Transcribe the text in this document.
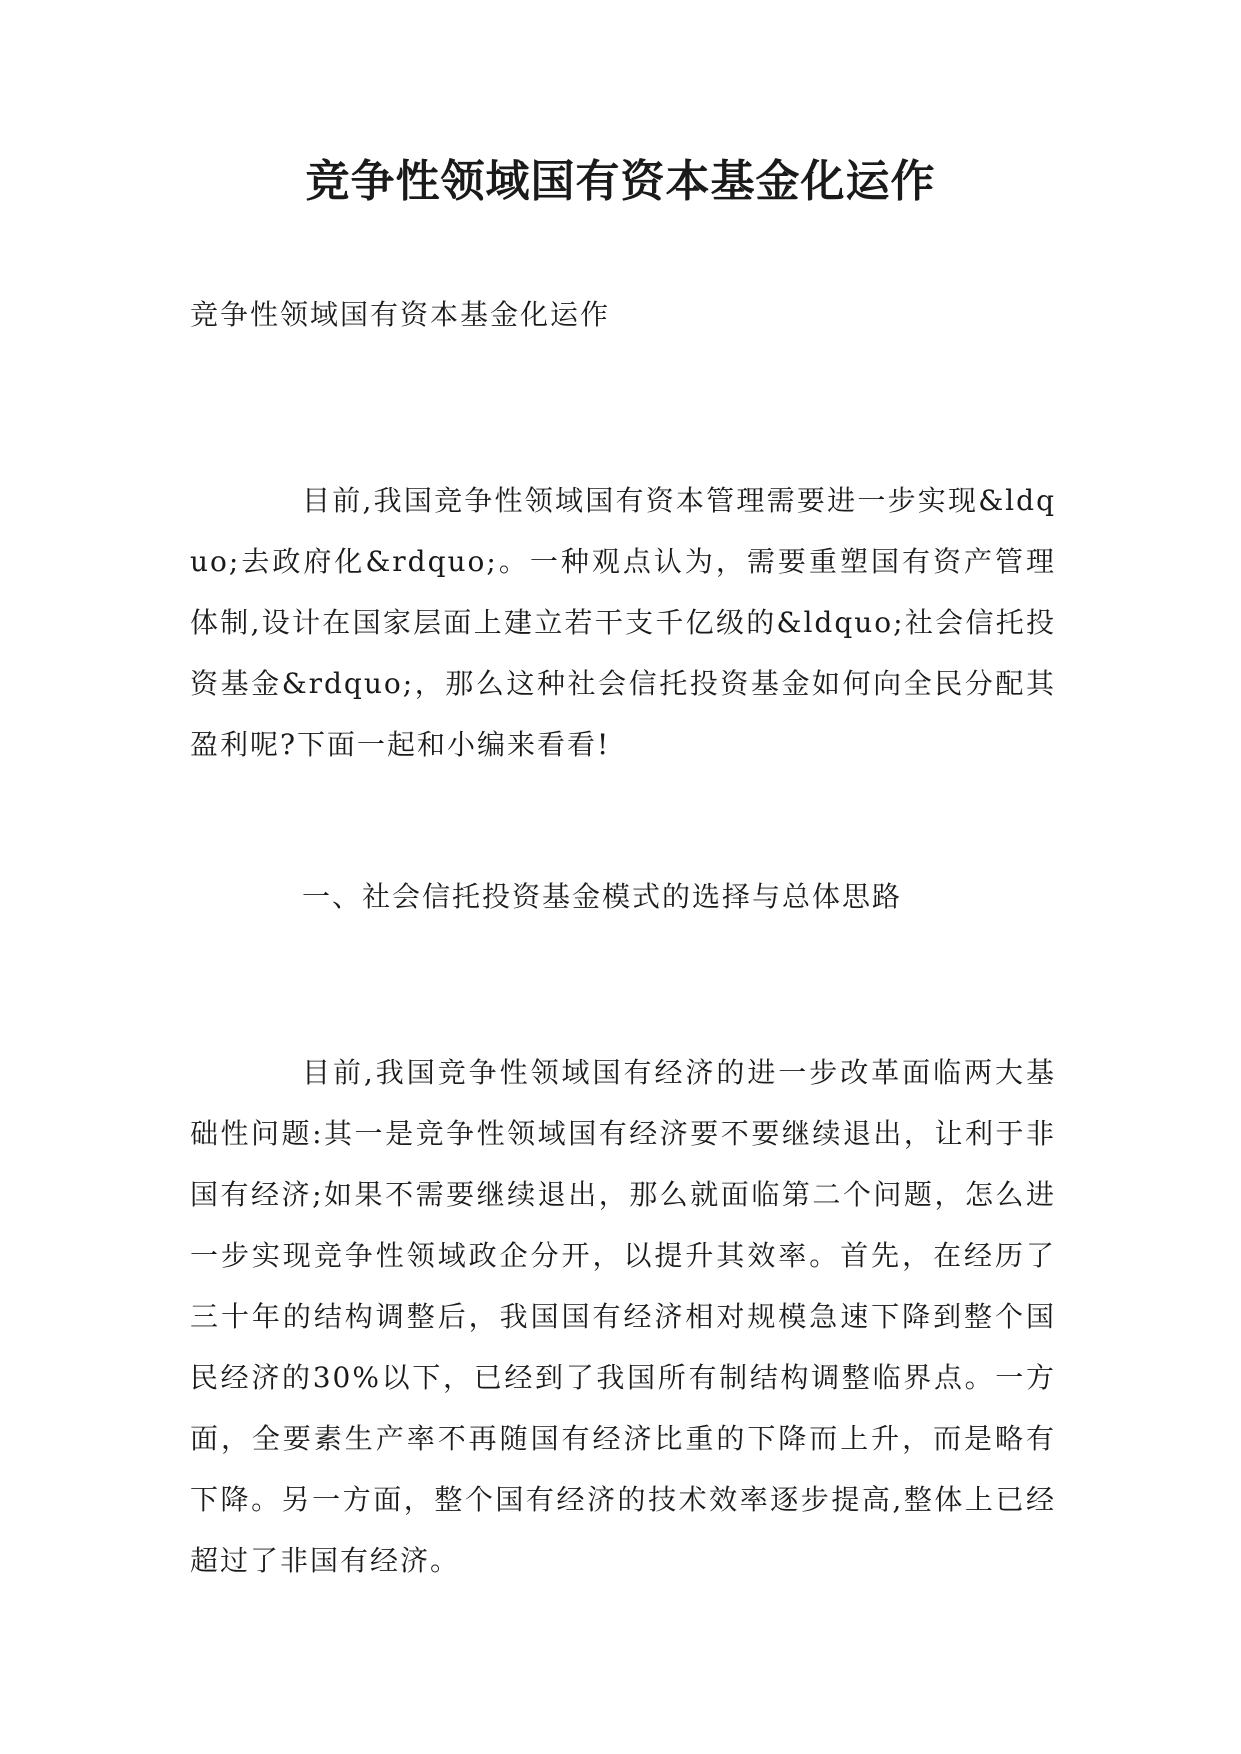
竞争性领域国有资本基金化运作

竞争性领域国有资本基金化运作

目前,我国竞争性领域国有资本管理需要进一步实现&ldquo;去政府化&rdquo;。一种观点认为，需要重塑国有资产管理体制,设计在国家层面上建立若干支千亿级的&ldquo;社会信托投资基金&rdquo;，那么这种社会信托投资基金如何向全民分配其盈利呢?下面一起和小编来看看!

一、社会信托投资基金模式的选择与总体思路

目前,我国竞争性领域国有经济的进一步改革面临两大基础性问题:其一是竞争性领域国有经济要不要继续退出，让利于非国有经济;如果不需要继续退出，那么就面临第二个问题，怎么进一步实现竞争性领域政企分开，以提升其效率。首先，在经历了三十年的结构调整后，我国国有经济相对规模急速下降到整个国民经济的30%以下，已经到了我国所有制结构调整临界点。一方面，全要素生产率不再随国有经济比重的下降而上升，而是略有下降。另一方面，整个国有经济的技术效率逐步提高,整体上已经超过了非国有经济。
